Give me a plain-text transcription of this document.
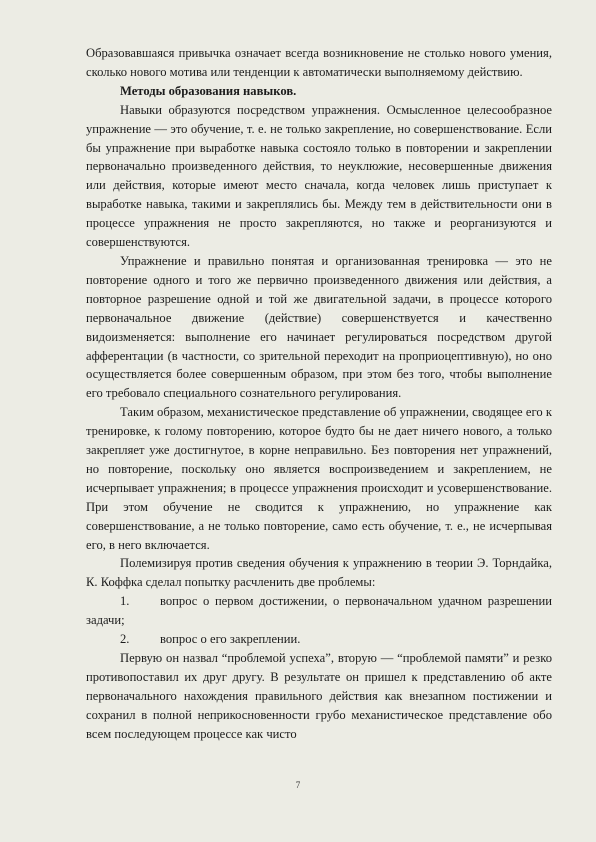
Образовавшаяся привычка означает всегда возникновение не столько нового умения, сколько нового мотива или тенденции к автоматически выполняемому действию.

Методы образования навыков.

Навыки образуются посредством упражнения. Осмысленное целесообразное упражнение — это обучение, т. е. не только закрепление, но совершенствование. Если бы упражнение при выработке навыка состояло только в повторении и закреплении первоначально произведенного действия, то неуклюжие, несовершенные движения или действия, которые имеют место сначала, когда человек лишь приступает к выработке навыка, такими и закреплялись бы. Между тем в действительности они в процессе упражнения не просто закрепляются, но также и реорганизуются и совершенствуются.

Упражнение и правильно понятая и организованная тренировка — это не повторение одного и того же первично произведенного движения или действия, а повторное разрешение одной и той же двигательной задачи, в процессе которого первоначальное движение (действие) совершенствуется и качественно видоизменяется: выполнение его начинает регулироваться посредством другой афферентации (в частности, со зрительной переходит на проприоцептивную), но оно осуществляется более совершенным образом, при этом без того, чтобы выполнение его требовало специального сознательного регулирования.

Таким образом, механистическое представление об упражнении, сводящее его к тренировке, к голому повторению, которое будто бы не дает ничего нового, а только закрепляет уже достигнутое, в корне неправильно. Без повторения нет упражнений, но повторение, поскольку оно является воспроизведением и закреплением, не исчерпывает упражнения; в процессе упражнения происходит и усовершенствование. При этом обучение не сводится к упражнению, но упражнение как совершенствование, а не только повторение, само есть обучение, т. е., не исчерпывая его, в него включается.

Полемизируя против сведения обучения к упражнению в теории Э. Торндайка, К. Коффка сделал попытку расчленить две проблемы:

1. вопрос о первом достижении, о первоначальном удачном разрешении задачи;

2. вопрос о его закреплении.

Первую он назвал “проблемой успеха”, вторую — “проблемой памяти” и резко противопоставил их друг другу. В результате он пришел к представлению об акте первоначального нахождения правильного действия как внезапном постижении и сохранил в полной неприкосновенности грубо механистическое представление обо всем последующем процессе как чисто

7
